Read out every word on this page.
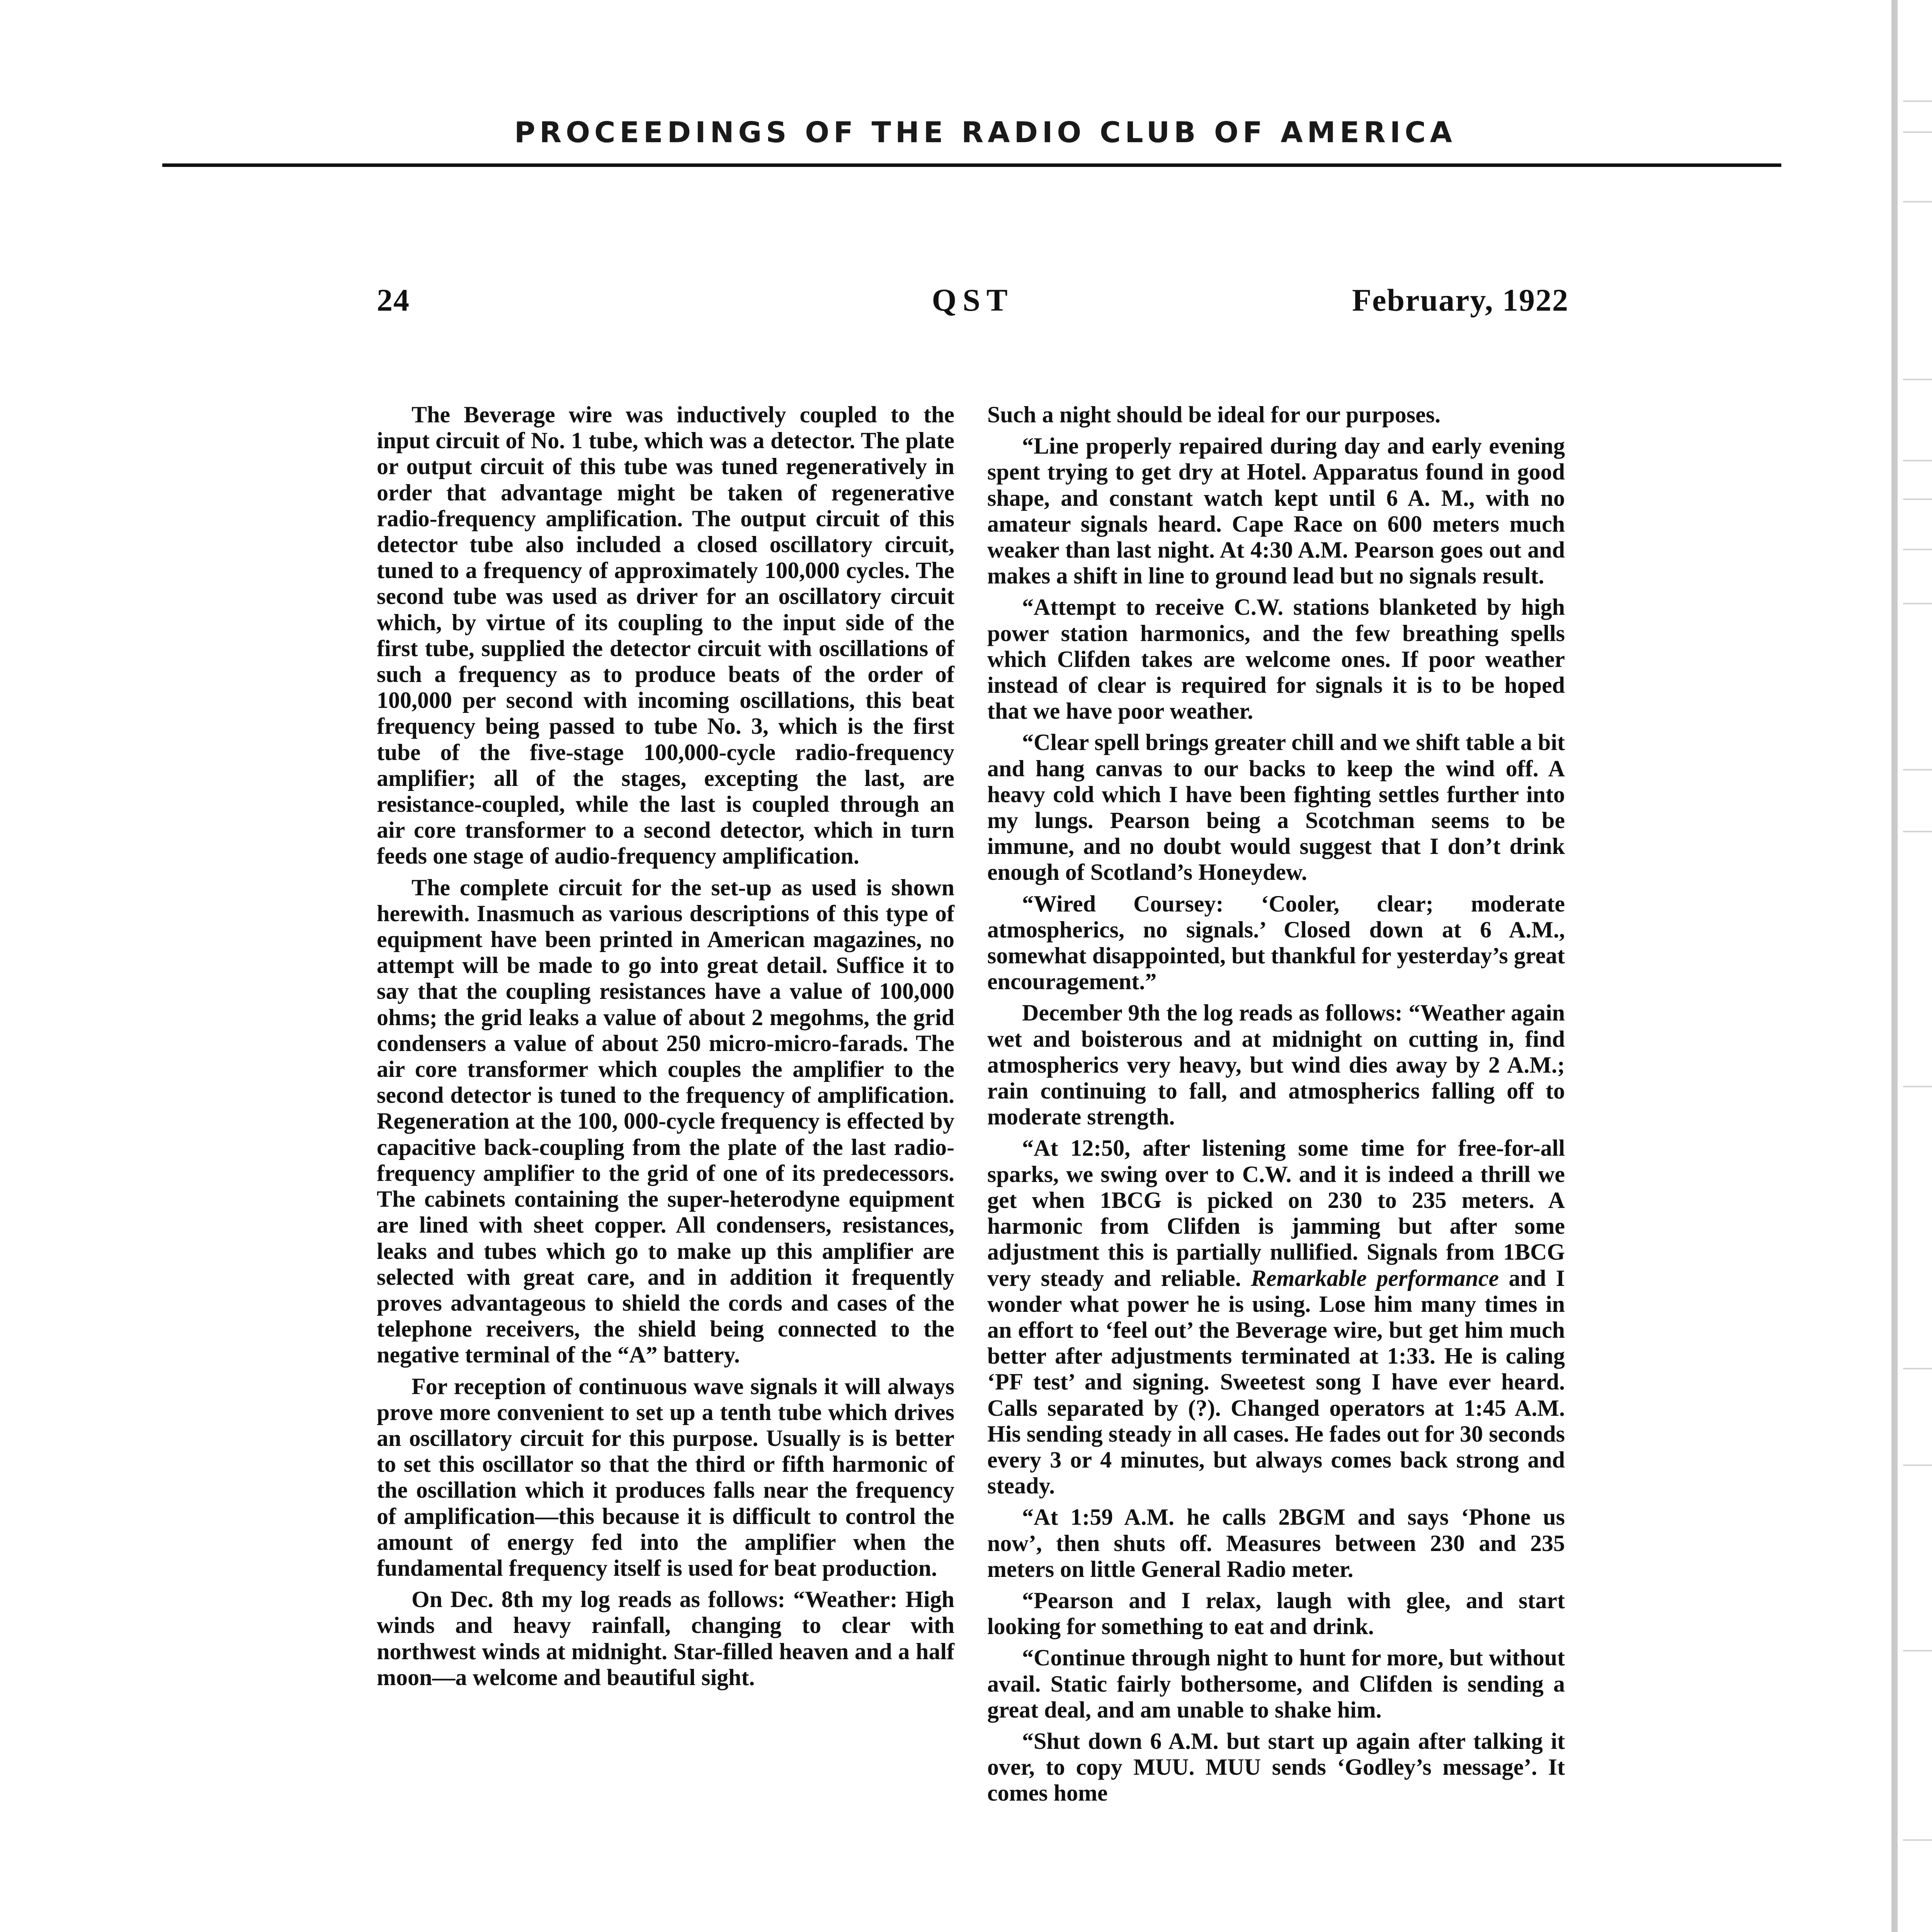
PROCEEDINGS OF THE RADIO CLUB OF AMERICA
24	QST	February, 1922

The Beverage wire was inductively coupled to the input circuit of No. 1 tube, which was a detector. The plate or output circuit of this tube was tuned regeneratively in order that advantage might be taken of regenerative radio-frequency amplification. The output circuit of this detector tube also included a closed oscillatory circuit, tuned to a frequency of approximately 100,000 cycles. The second tube was used as driver for an oscillatory circuit which, by virtue of its coupling to the input side of the first tube, supplied the detector circuit with oscillations of such a frequency as to produce beats of the order of 100,000 per second with incoming oscillations, this beat frequency being passed to tube No. 3, which is the first tube of the five-stage 100,000-cycle radio-frequency amplifier; all of the stages, excepting the last, are resistance-coupled, while the last is coupled through an air core transformer to a second detector, which in turn feeds one stage of audio-frequency amplification.

The complete circuit for the set-up as used is shown herewith. Inasmuch as various descriptions of this type of equipment have been printed in American magazines, no attempt will be made to go into great detail. Suffice it to say that the coupling resistances have a value of 100,000 ohms; the grid leaks a value of about 2 megohms, the grid condensers a value of about 250 micro-micro-farads. The air core transformer which couples the amplifier to the second detector is tuned to the frequency of amplification. Regeneration at the 100, 000-cycle frequency is effected by capacitive back-coupling from the plate of the last radio-frequency amplifier to the grid of one of its predecessors. The cabinets containing the super-heterodyne equipment are lined with sheet copper. All condensers, resistances, leaks and tubes which go to make up this amplifier are selected with great care, and in addition it frequently proves advantageous to shield the cords and cases of the telephone receivers, the shield being connected to the negative terminal of the “A” battery.

For reception of continuous wave signals it will always prove more convenient to set up a tenth tube which drives an oscillatory circuit for this purpose. Usually is is better to set this oscillator so that the third or fifth harmonic of the oscillation which it produces falls near the frequency of amplification—this because it is difficult to control the amount of energy fed into the amplifier when the fundamental frequency itself is used for beat production.

On Dec. 8th my log reads as follows: “Weather: High winds and heavy rainfall, changing to clear with northwest winds at midnight. Star-filled heaven and a half moon—a welcome and beautiful sight.

Such a night should be ideal for our purposes.

“Line properly repaired during day and early evening spent trying to get dry at Hotel. Apparatus found in good shape, and constant watch kept until 6 A. M., with no amateur signals heard. Cape Race on 600 meters much weaker than last night. At 4:30 A.M. Pearson goes out and makes a shift in line to ground lead but no signals result.

“Attempt to receive C.W. stations blanketed by high power station harmonics, and the few breathing spells which Clifden takes are welcome ones. If poor weather instead of clear is required for signals it is to be hoped that we have poor weather.

“Clear spell brings greater chill and we shift table a bit and hang canvas to our backs to keep the wind off. A heavy cold which I have been fighting settles further into my lungs. Pearson being a Scotchman seems to be immune, and no doubt would suggest that I don’t drink enough of Scotland’s Honeydew.

“Wired Coursey: ‘Cooler, clear; moderate atmospherics, no signals.’ Closed down at 6 A.M., somewhat disappointed, but thankful for yesterday’s great encouragement.”

December 9th the log reads as follows: “Weather again wet and boisterous and at midnight on cutting in, find atmospherics very heavy, but wind dies away by 2 A.M.; rain continuing to fall, and atmospherics falling off to moderate strength.

“At 12:50, after listening some time for free-for-all sparks, we swing over to C.W. and it is indeed a thrill we get when 1BCG is picked on 230 to 235 meters. A harmonic from Clifden is jamming but after some adjustment this is partially nullified. Signals from 1BCG very steady and reliable. Remarkable performance and I wonder what power he is using. Lose him many times in an effort to ‘feel out’ the Beverage wire, but get him much better after adjustments terminated at 1:33. He is caling ‘PF test’ and signing. Sweetest song I have ever heard. Calls separated by (?). Changed operators at 1:45 A.M. His sending steady in all cases. He fades out for 30 seconds every 3 or 4 minutes, but always comes back strong and steady.

“At 1:59 A.M. he calls 2BGM and says ‘Phone us now’, then shuts off. Measures between 230 and 235 meters on little General Radio meter.

“Pearson and I relax, laugh with glee, and start looking for something to eat and drink.

“Continue through night to hunt for more, but without avail. Static fairly bothersome, and Clifden is sending a great deal, and am unable to shake him.

“Shut down 6 A.M. but start up again after talking it over, to copy MUU. MUU sends ‘Godley’s message’. It comes home
